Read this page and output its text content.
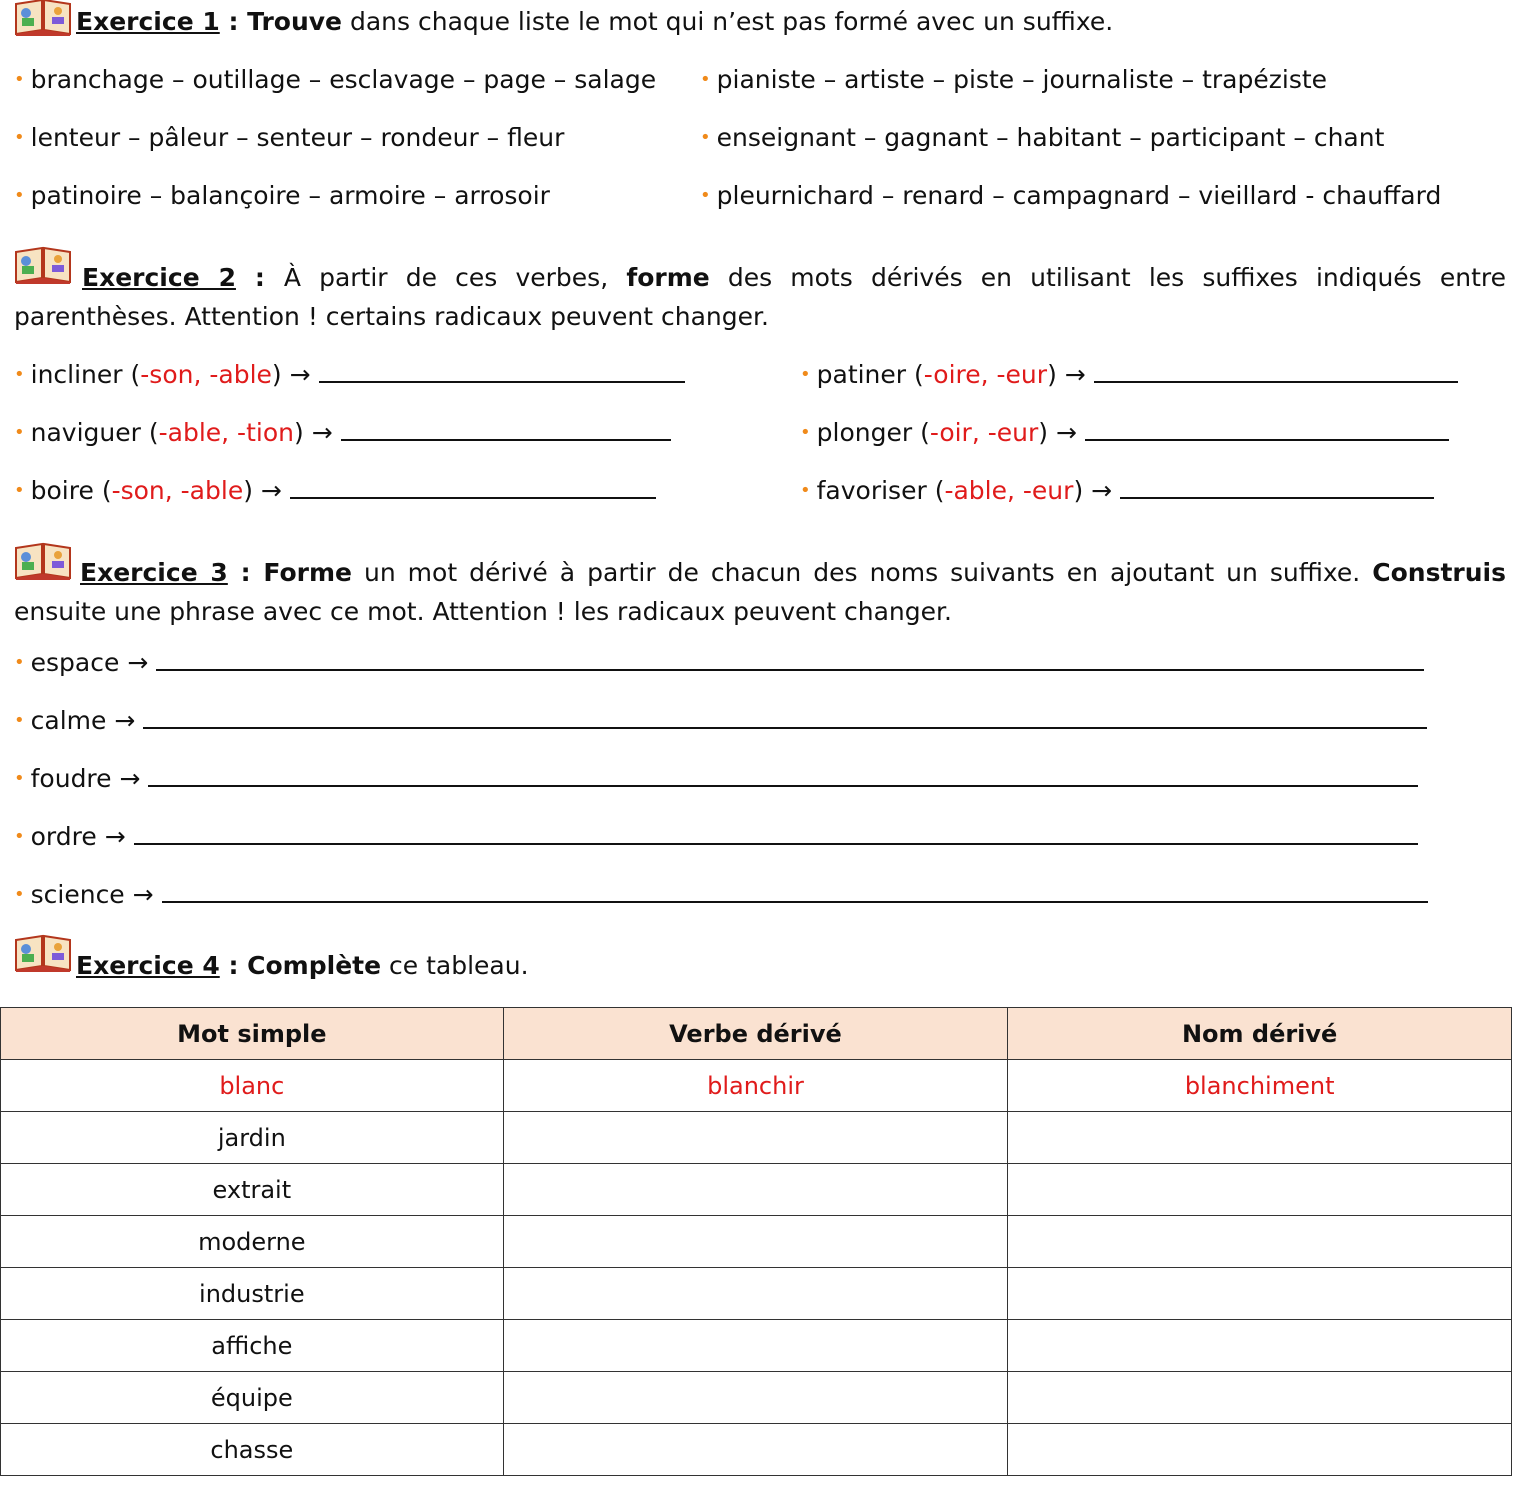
Exercice 1 : Trouve dans chaque liste le mot qui n’est pas formé avec un suffixe.
• branchage – outillage – esclavage – page – salage • pianiste – artiste – piste – journaliste – trapéziste
• lenteur – pâleur – senteur – rondeur – fleur	• enseignant – gagnant – habitant – participant – chant
• patinoire – balançoire – armoire – arrosoir	• pleurnichard – renard – campagnard – vieillard - chauffard
Exercice 2 : À partir de ces verbes, forme des mots dérivés en utilisant les suffixes indiqués entre
parenthèses. Attention ! certains radicaux peuvent changer.
• incliner (-son, -able) →
• naviguer (-able, -tion) →
• boire (-son, -able) →
• patiner (-oire, -eur) →
• plonger (-oir, -eur) →
• favoriser (-able, -eur) →
Exercice 3 : Forme un mot dérivé à partir de chacun des noms suivants en ajoutant un suffixe. Construis
ensuite une phrase avec ce mot. Attention ! les radicaux peuvent changer.
• espace →
• calme →
• foudre →
• ordre →
• science →
Exercice 4 : Complète ce tableau.
Mot simple	Verbe dérivé	Nom dérivé
blanc	blanchir	blanchiment
jardin		
extrait		
moderne		
industrie		
affiche		
équipe		
chasse		
